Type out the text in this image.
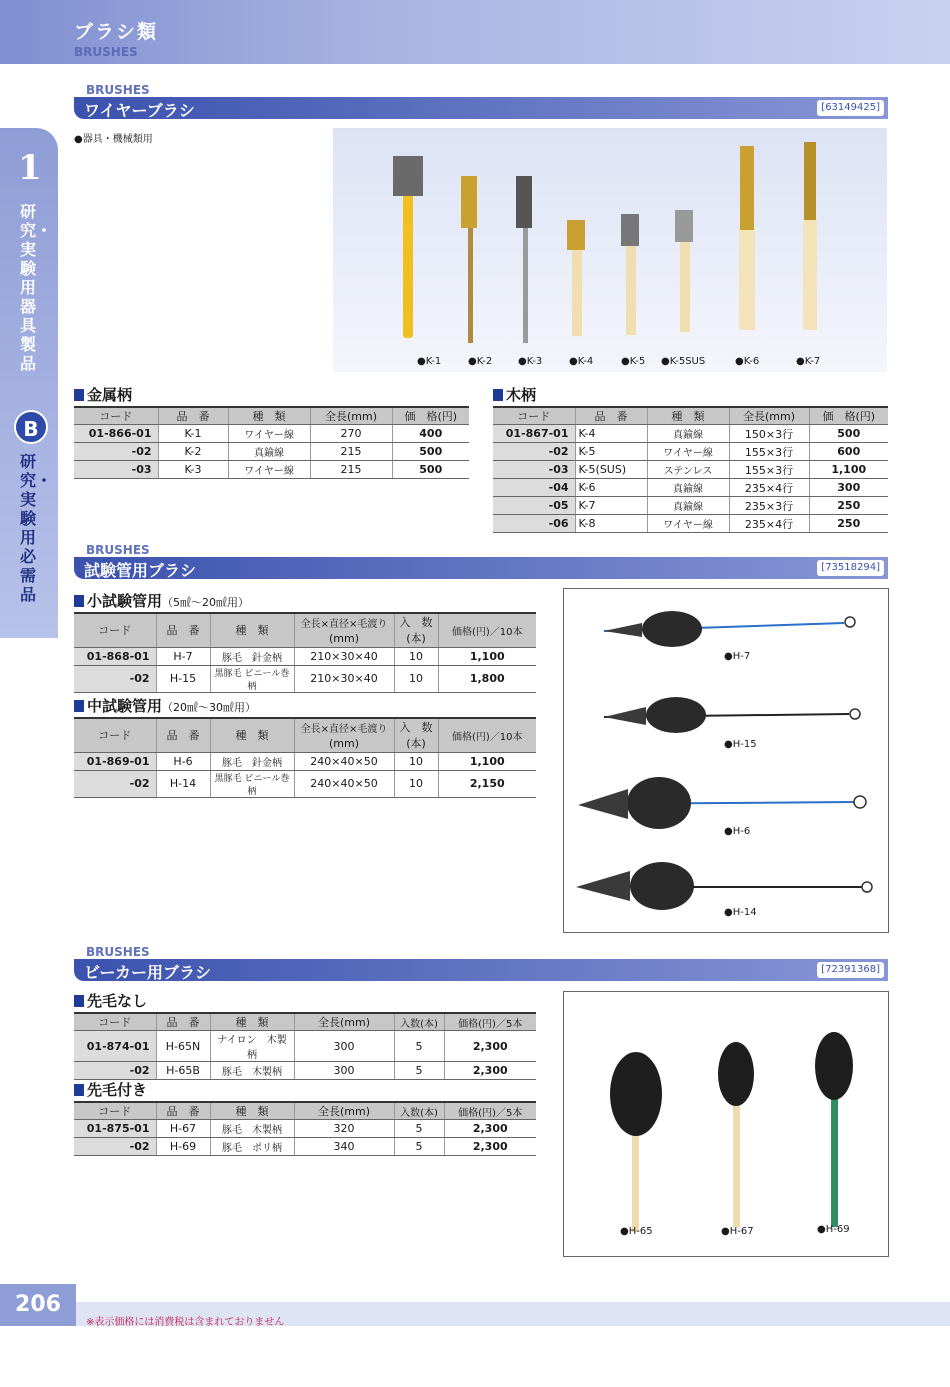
ブラシ類
BRUSHES
1
研究・実験用器具製品
B
研究・実験用必需品
BRUSHES
ワイヤーブラシ	[63149425]
●器具・機械類用
●K-1	●K-2	●K-3	●K-4	●K-5 ●K-5SUS	●K-6	●K-7
金属柄
コード	品　番	種　類	全長(mm)	価　格(円)
01-866-01	K-1	ワイヤー線	270	400
-02	K-2	真鍮線	215	500
-03	K-3	ワイヤー線	215	500
木柄
コード	品　番	種　類	全長(mm)	価　格(円)
01-867-01	K-4	真鍮線	150×3行	500
-02	K-5	ワイヤー線	155×3行	600
-03	K-5(SUS)	ステンレス	155×3行	1,100
-04	K-6	真鍮線	235×4行	300
-05	K-7	真鍮線	235×3行	250
-06	K-8	ワイヤー線	235×4行	250
BRUSHES
試験管用ブラシ	[73518294]
小試験管用（5㎖～20㎖用）
コード	品　番	種　類	全長×直径×毛渡り	入　数	価格(円)／10本
			(mm)	(本)	
01-868-01	H-7	豚毛　針金柄	210×30×40	10	1,100
-02	H-15	黒豚毛 ビニール巻柄	210×30×40	10	1,800
中試験管用（20㎖～30㎖用）
コード	品　番	種　類	全長×直径×毛渡り	入　数	価格(円)／10本
			(mm)	(本)	
01-869-01	H-6	豚毛　針金柄	240×40×50	10	1,100
-02	H-14	黒豚毛 ビニール巻柄	240×40×50	10	2,150
●H-7
●H-15
●H-6
●H-14
BRUSHES
ビーカー用ブラシ	[72391368]
先毛なし
コード	品　番	種　類	全長(mm)	入数(本)	価格(円)／5本
01-874-01	H-65N	ナイロン　木製柄	300	5	2,300
-02	H-65B	豚毛　木製柄	300	5	2,300
先毛付き
コード	品　番	種　類	全長(mm)	入数(本)	価格(円)／5本
01-875-01	H-67	豚毛　木製柄	320	5	2,300
-02	H-69	豚毛　ポリ柄	340	5	2,300
●H-65	●H-67	●H-69
206
※表示価格には消費税は含まれておりません
